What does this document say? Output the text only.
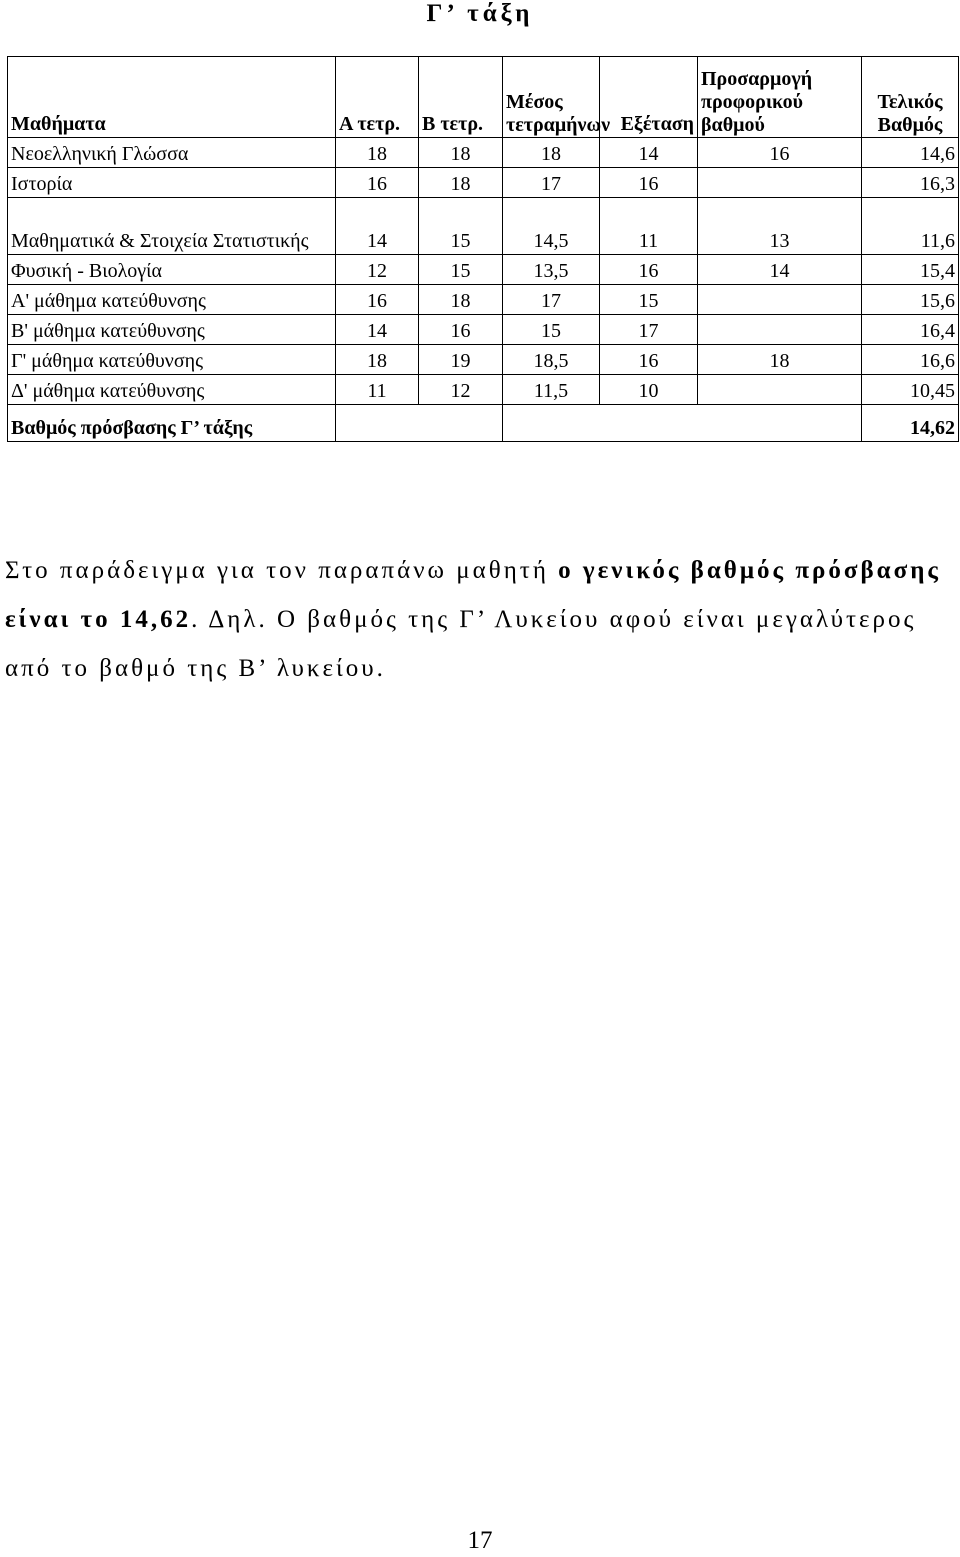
Γ’ τάξη
Μαθήματα	Α τετρ.	Β τετρ.	Μέσος τετραμήνων	Εξέταση	Προσαρμογή προφορικού βαθμού	Τελικός Βαθμός
Νεοελληνική Γλώσσα	18	18	18	14	16	14,6
Ιστορία	16	18	17	16		16,3
Μαθηματικά & Στοιχεία Στατιστικής	14	15	14,5	11	13	11,6
Φυσική - Βιολογία	12	15	13,5	16	14	15,4
Α' μάθημα κατεύθυνσης	16	18	17	15		15,6
Β' μάθημα κατεύθυνσης	14	16	15	17		16,4
Γ' μάθημα κατεύθυνσης	18	19	18,5	16	18	16,6
Δ' μάθημα κατεύθυνσης	11	12	11,5	10		10,45
Βαθμός πρόσβασης Γ’ τάξης						14,62

Στο παράδειγμα για τον παραπάνω μαθητή ο γενικός βαθμός πρόσβασης είναι το 14,62. Δηλ. Ο βαθμός της Γ’ Λυκείου αφού είναι μεγαλύτερος από το βαθμό της Β’ λυκείου.

17
